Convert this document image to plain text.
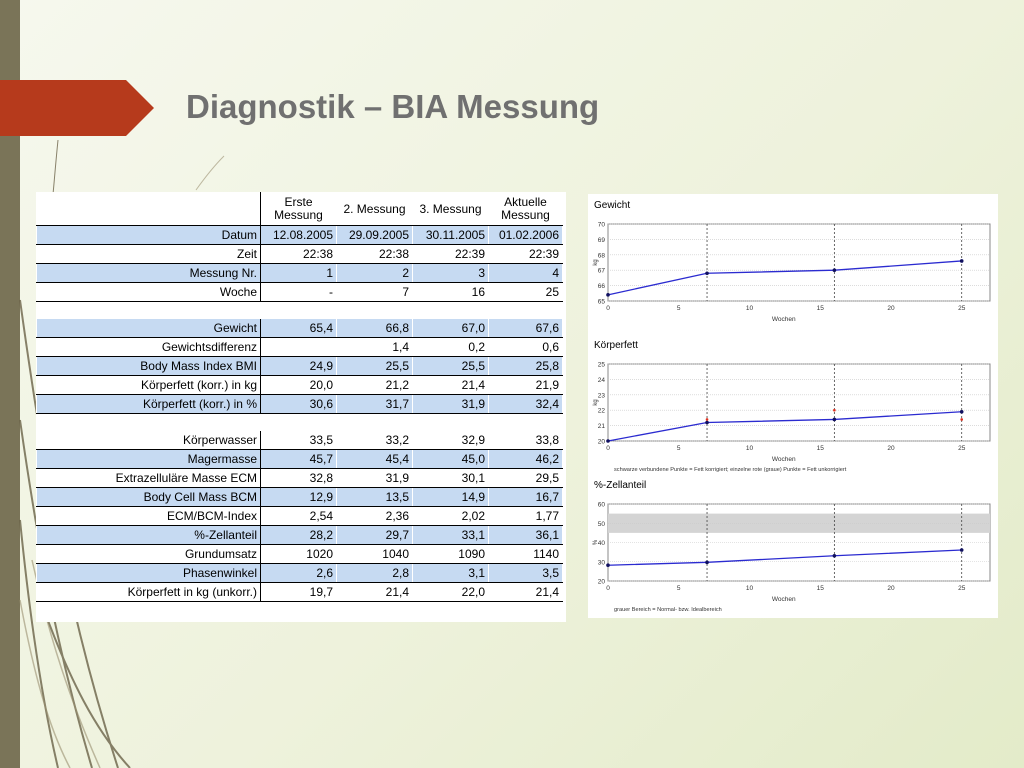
Diagnostik – BIA Messung
	Erste Messung	2. Messung	3. Messung	Aktuelle Messung
Datum	12.08.2005	29.09.2005	30.11.2005	01.02.2006
Zeit	22:38	22:38	22:39	22:39
Messung Nr.	1	2	3	4
Woche	-	7	16	25

Gewicht	65,4	66,8	67,0	67,6
Gewichtsdifferenz		1,4	0,2	0,6
Body Mass Index BMI	24,9	25,5	25,5	25,8
Körperfett (korr.) in kg	20,0	21,2	21,4	21,9
Körperfett (korr.) in %	30,6	31,7	31,9	32,4

Körperwasser	33,5	33,2	32,9	33,8
Magermasse	45,7	45,4	45,0	46,2
Extrazelluläre Masse ECM	32,8	31,9	30,1	29,5
Body Cell Mass BCM	12,9	13,5	14,9	16,7
ECM/BCM-Index	2,54	2,36	2,02	1,77
%-Zellanteil	28,2	29,7	33,1	36,1
Grundumsatz	1020	1040	1090	1140
Phasenwinkel	2,6	2,8	3,1	3,5
Körperfett in kg (unkorr.)	19,7	21,4	22,0	21,4
Gewicht
65
66
67
68
69
70
0	5	10	15	20	25
kg
Wochen
Körperfett
20
21
22
23
24
25
0	5	10	15	20	25
kg
Wochen
schwarze verbundene Punkte = Fett korrigiert; einzelne rote (graue) Punkte = Fett unkorrigiert
%-Zellanteil
20
30
40
50
60
0	5	10	15	20	25
%
Wochen
grauer Bereich = Normal- bzw. Idealbereich
